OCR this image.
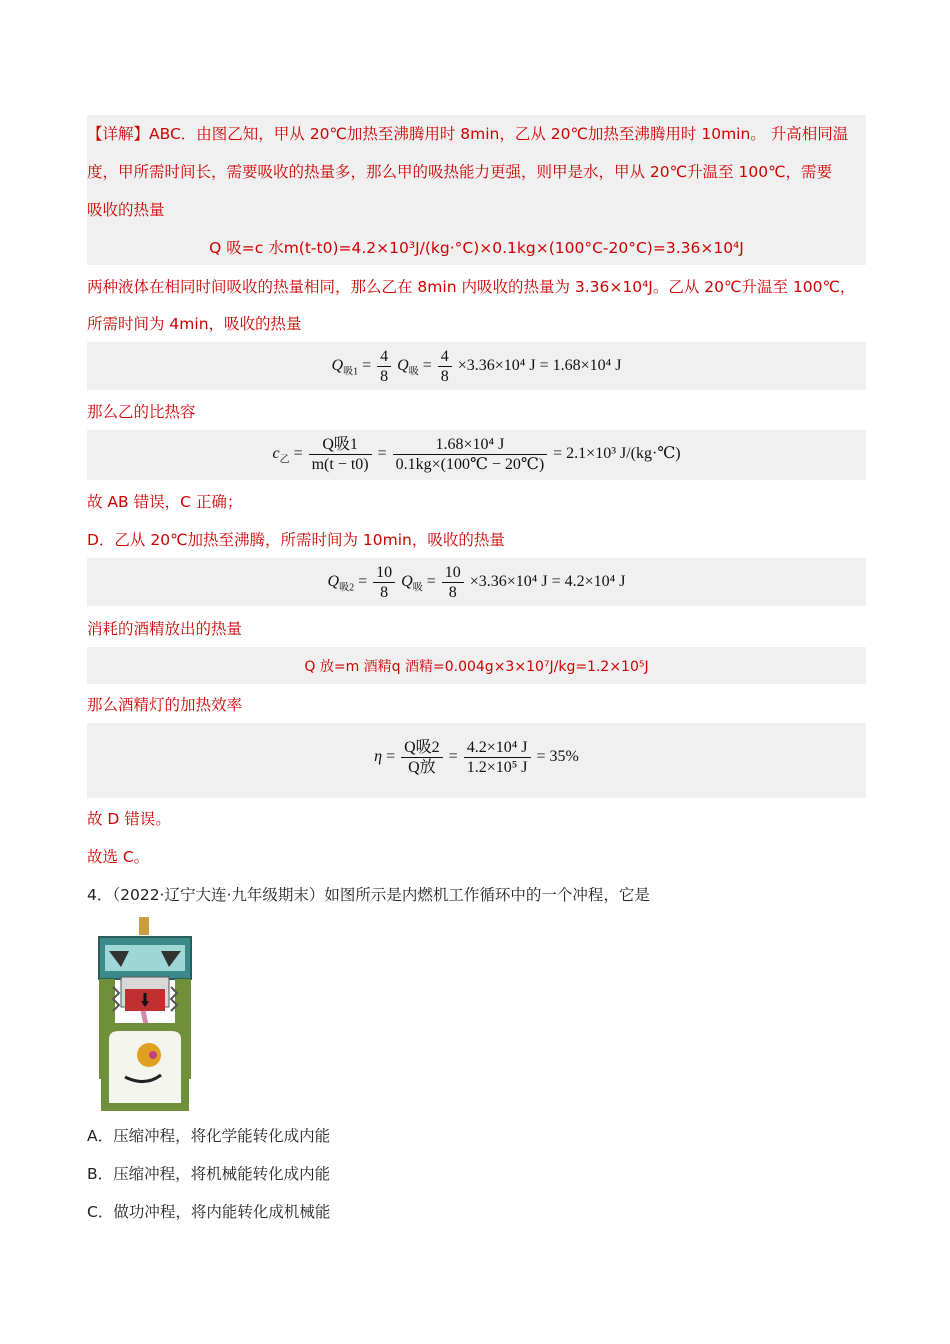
【详解】ABC．由图乙知，甲从 20℃加热至沸腾用时 8min，乙从 20℃加热至沸腾用时 10min。 升高相同温
度，甲所需时间长，需要吸收的热量多，那么甲的吸热能力更强，则甲是水，甲从 20℃升温至 100℃，需要
吸收的热量
Q 吸=c 水m(t-t0)=4.2×10³J/(kg·°C)×0.1kg×(100°C-20°C)=3.36×10⁴J
两种液体在相同时间吸收的热量相同，那么乙在 8min 内吸收的热量为 3.36×10⁴J。乙从 20℃升温至 100℃，
所需时间为 4min，吸收的热量
$Q_{吸1} = \frac{4}{8} Q_吸 = \frac{4}{8} \times 3.36\times 10^4$ J = 1.68×10⁴ J
那么乙的比热容
$c_乙 = \frac{\text{Q吸1}}{m(t - t0)} = \frac{\text{1.68×10⁴ J}}{0.1kg\times(100℃ - 20℃)} = 2.1\times 10^3$ J/(kg·℃)
故 AB 错误，C 正确；
D．乙从 20℃加热至沸腾，所需时间为 10min，吸收的热量
$Q_{吸2} = \frac{10}{8} Q_吸 = \frac{10}{8} \times 3.36\times 10^4$ J = 4.2×10⁴ J
消耗的酒精放出的热量
Q 放=m 酒精q 酒精=0.004g×3×10⁷J/kg=1.2×10⁵J
那么酒精灯的加热效率
$\eta = \frac{\text{Q吸2}}{\text{Q放}} = \frac{\text{4.2×10⁴ J}}{\text{1.2×10⁵ J}} = 35\%$
故 D 错误。
故选 C。
4．（2022·辽宁大连·九年级期末）如图所示是内燃机工作循环中的一个冲程，它是
A．压缩冲程，将化学能转化成内能
B．压缩冲程，将机械能转化成内能
C．做功冲程，将内能转化成机械能
